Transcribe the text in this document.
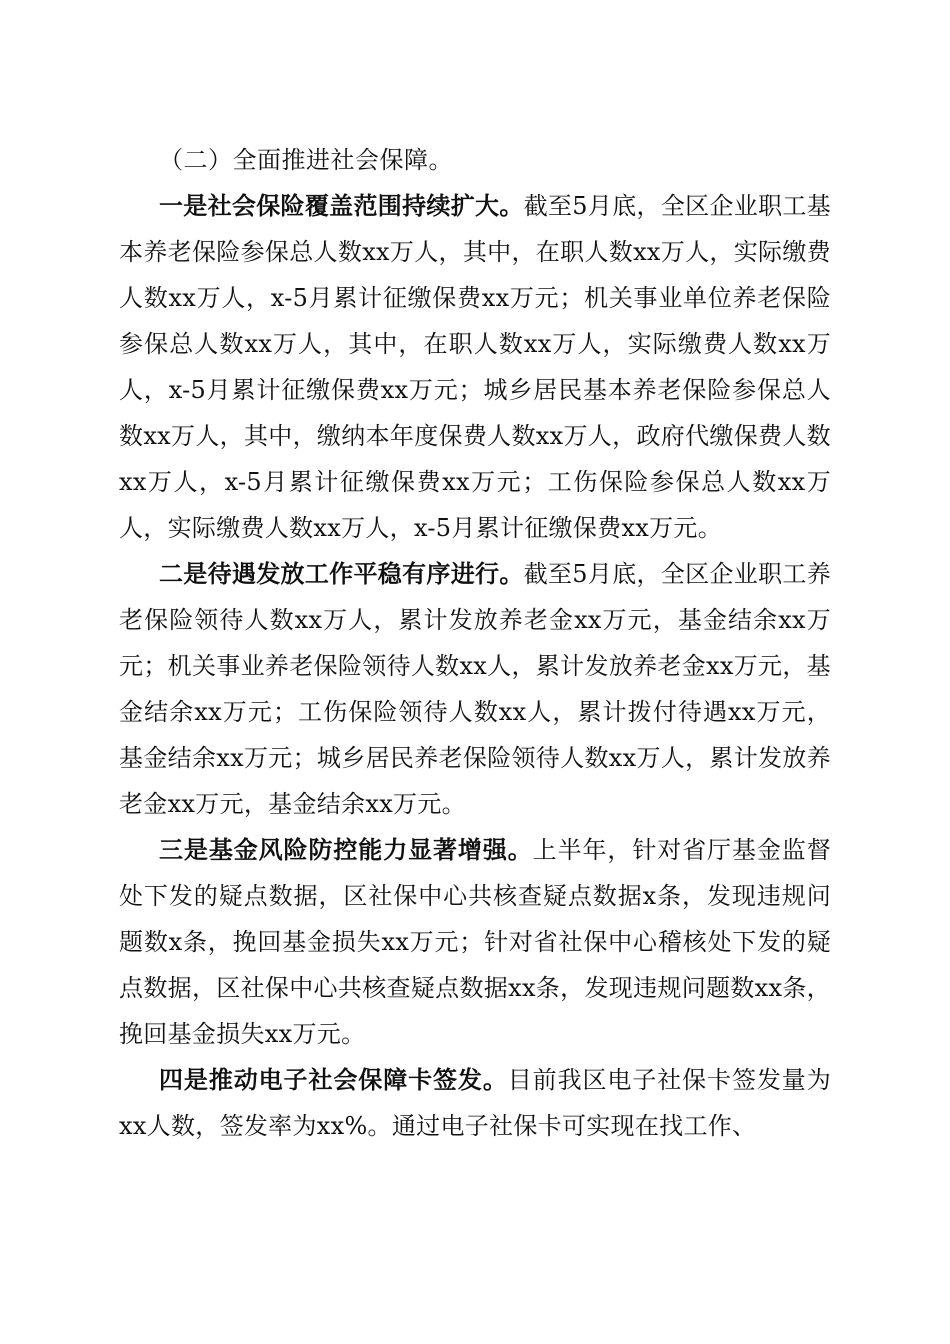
（二）全面推进社会保障。

一是社会保险覆盖范围持续扩大。截至5月底，全区企业职工基本养老保险参保总人数xx万人，其中，在职人数xx万人，实际缴费人数xx万人，x-5月累计征缴保费xx万元；机关事业单位养老保险参保总人数xx万人，其中，在职人数xx万人，实际缴费人数xx万人，x-5月累计征缴保费xx万元；城乡居民基本养老保险参保总人数xx万人，其中，缴纳本年度保费人数xx万人，政府代缴保费人数xx万人，x-5月累计征缴保费xx万元；工伤保险参保总人数xx万人，实际缴费人数xx万人，x-5月累计征缴保费xx万元。

二是待遇发放工作平稳有序进行。截至5月底，全区企业职工养老保险领待人数xx万人，累计发放养老金xx万元，基金结余xx万元；机关事业养老保险领待人数xx人，累计发放养老金xx万元，基金结余xx万元；工伤保险领待人数xx人，累计拨付待遇xx万元，基金结余xx万元；城乡居民养老保险领待人数xx万人，累计发放养老金xx万元，基金结余xx万元。

三是基金风险防控能力显著增强。上半年，针对省厅基金监督处下发的疑点数据，区社保中心共核查疑点数据x条，发现违规问题数x条，挽回基金损失xx万元；针对省社保中心稽核处下发的疑点数据，区社保中心共核查疑点数据xx条，发现违规问题数xx条，挽回基金损失xx万元。

四是推动电子社会保障卡签发。目前我区电子社保卡签发量为xx人数，签发率为xx%。通过电子社保卡可实现在找工作、
